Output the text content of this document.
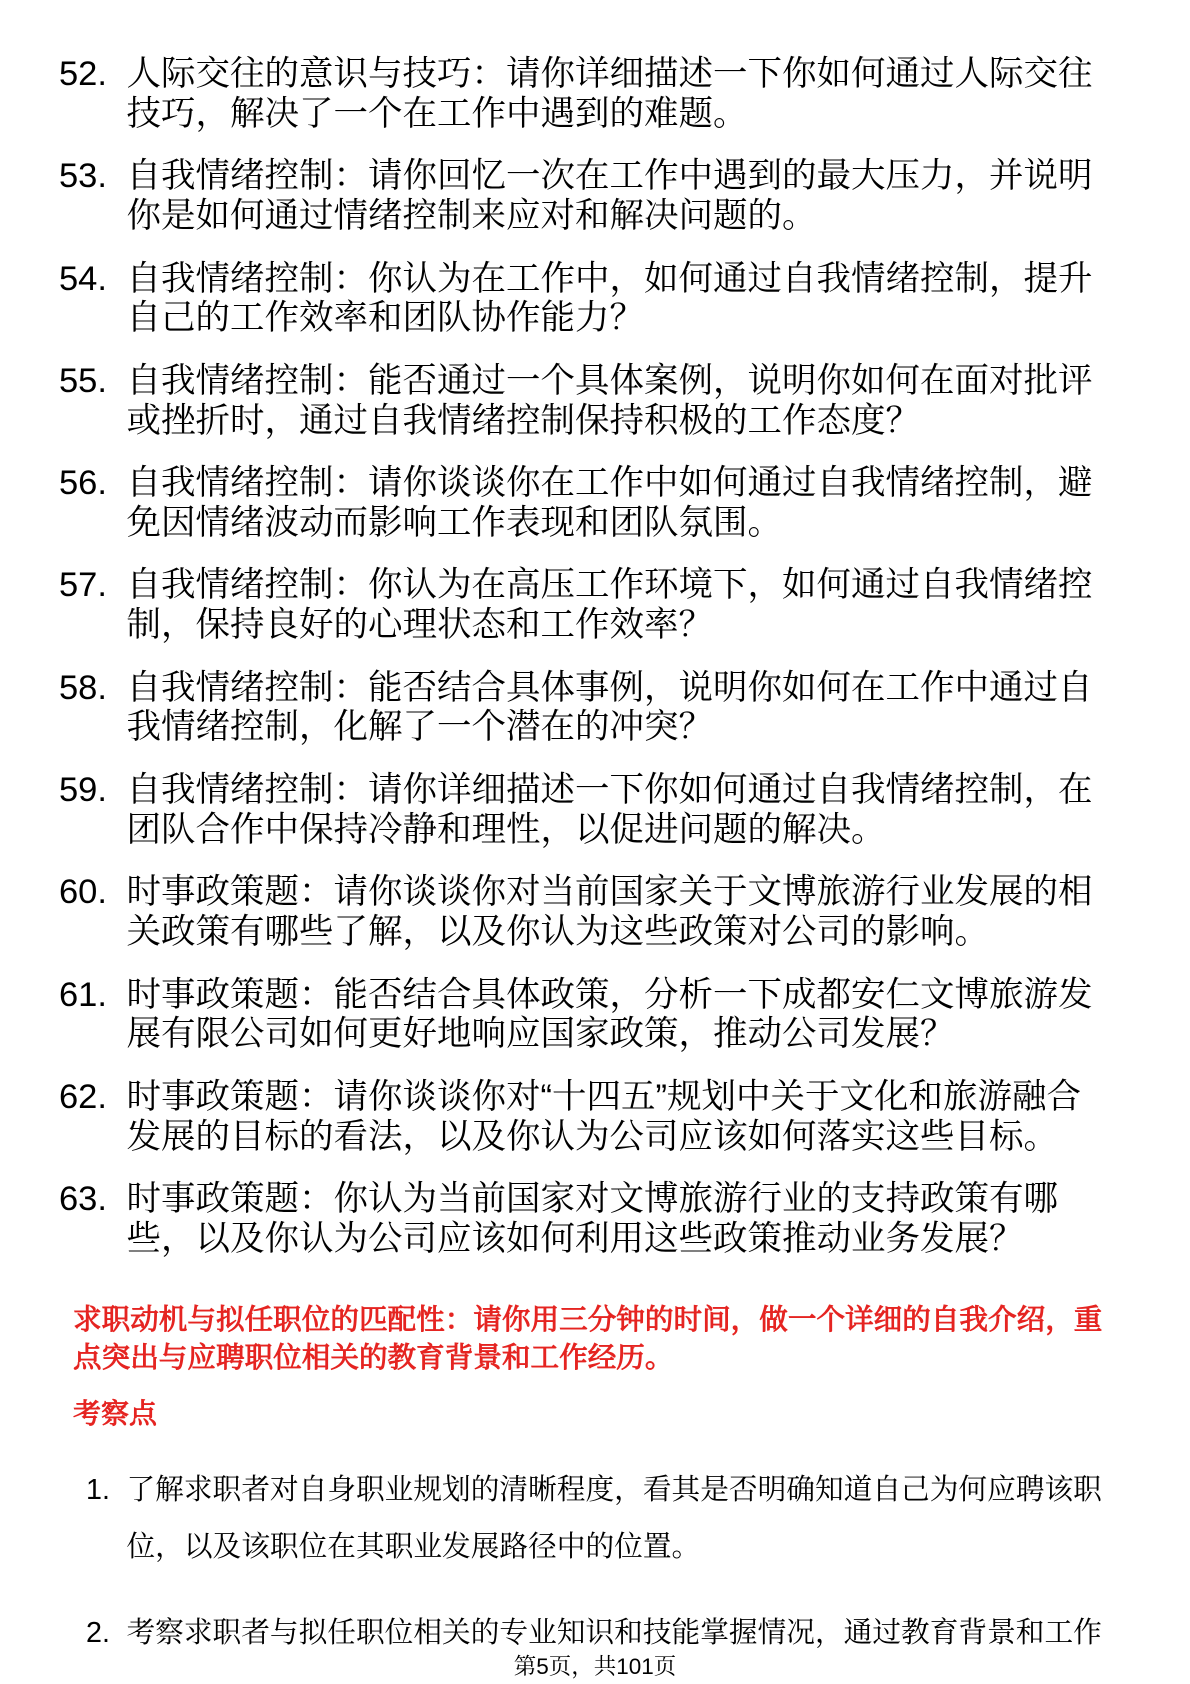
52. 人际交往的意识与技巧：请你详细描述一下你如何通过人际交往
技巧，解决了一个在工作中遇到的难题。
53. 自我情绪控制：请你回忆一次在工作中遇到的最大压力，并说明
你是如何通过情绪控制来应对和解决问题的。
54. 自我情绪控制：你认为在工作中，如何通过自我情绪控制，提升
自己的工作效率和团队协作能力？
55. 自我情绪控制：能否通过一个具体案例，说明你如何在面对批评
或挫折时，通过自我情绪控制保持积极的工作态度？
56. 自我情绪控制：请你谈谈你在工作中如何通过自我情绪控制，避
免因情绪波动而影响工作表现和团队氛围。
57. 自我情绪控制：你认为在高压工作环境下，如何通过自我情绪控
制，保持良好的心理状态和工作效率？
58. 自我情绪控制：能否结合具体事例，说明你如何在工作中通过自
我情绪控制，化解了一个潜在的冲突？
59. 自我情绪控制：请你详细描述一下你如何通过自我情绪控制，在
团队合作中保持冷静和理性，以促进问题的解决。
60. 时事政策题：请你谈谈你对当前国家关于文博旅游行业发展的相
关政策有哪些了解，以及你认为这些政策对公司的影响。
61. 时事政策题：能否结合具体政策，分析一下成都安仁文博旅游发
展有限公司如何更好地响应国家政策，推动公司发展？
62. 时事政策题：请你谈谈你对“十四五”规划中关于文化和旅游融合
发展的目标的看法，以及你认为公司应该如何落实这些目标。
63. 时事政策题：你认为当前国家对文博旅游行业的支持政策有哪
些，以及你认为公司应该如何利用这些政策推动业务发展？
求职动机与拟任职位的匹配性：请你用三分钟的时间，做一个详细的自我介绍，重
点突出与应聘职位相关的教育背景和工作经历。
考察点
1. 了解求职者对自身职业规划的清晰程度，看其是否明确知道自己为何应聘该职
位，以及该职位在其职业发展路径中的位置。
2. 考察求职者与拟任职位相关的专业知识和技能掌握情况，通过教育背景和工作
第5页，共101页
